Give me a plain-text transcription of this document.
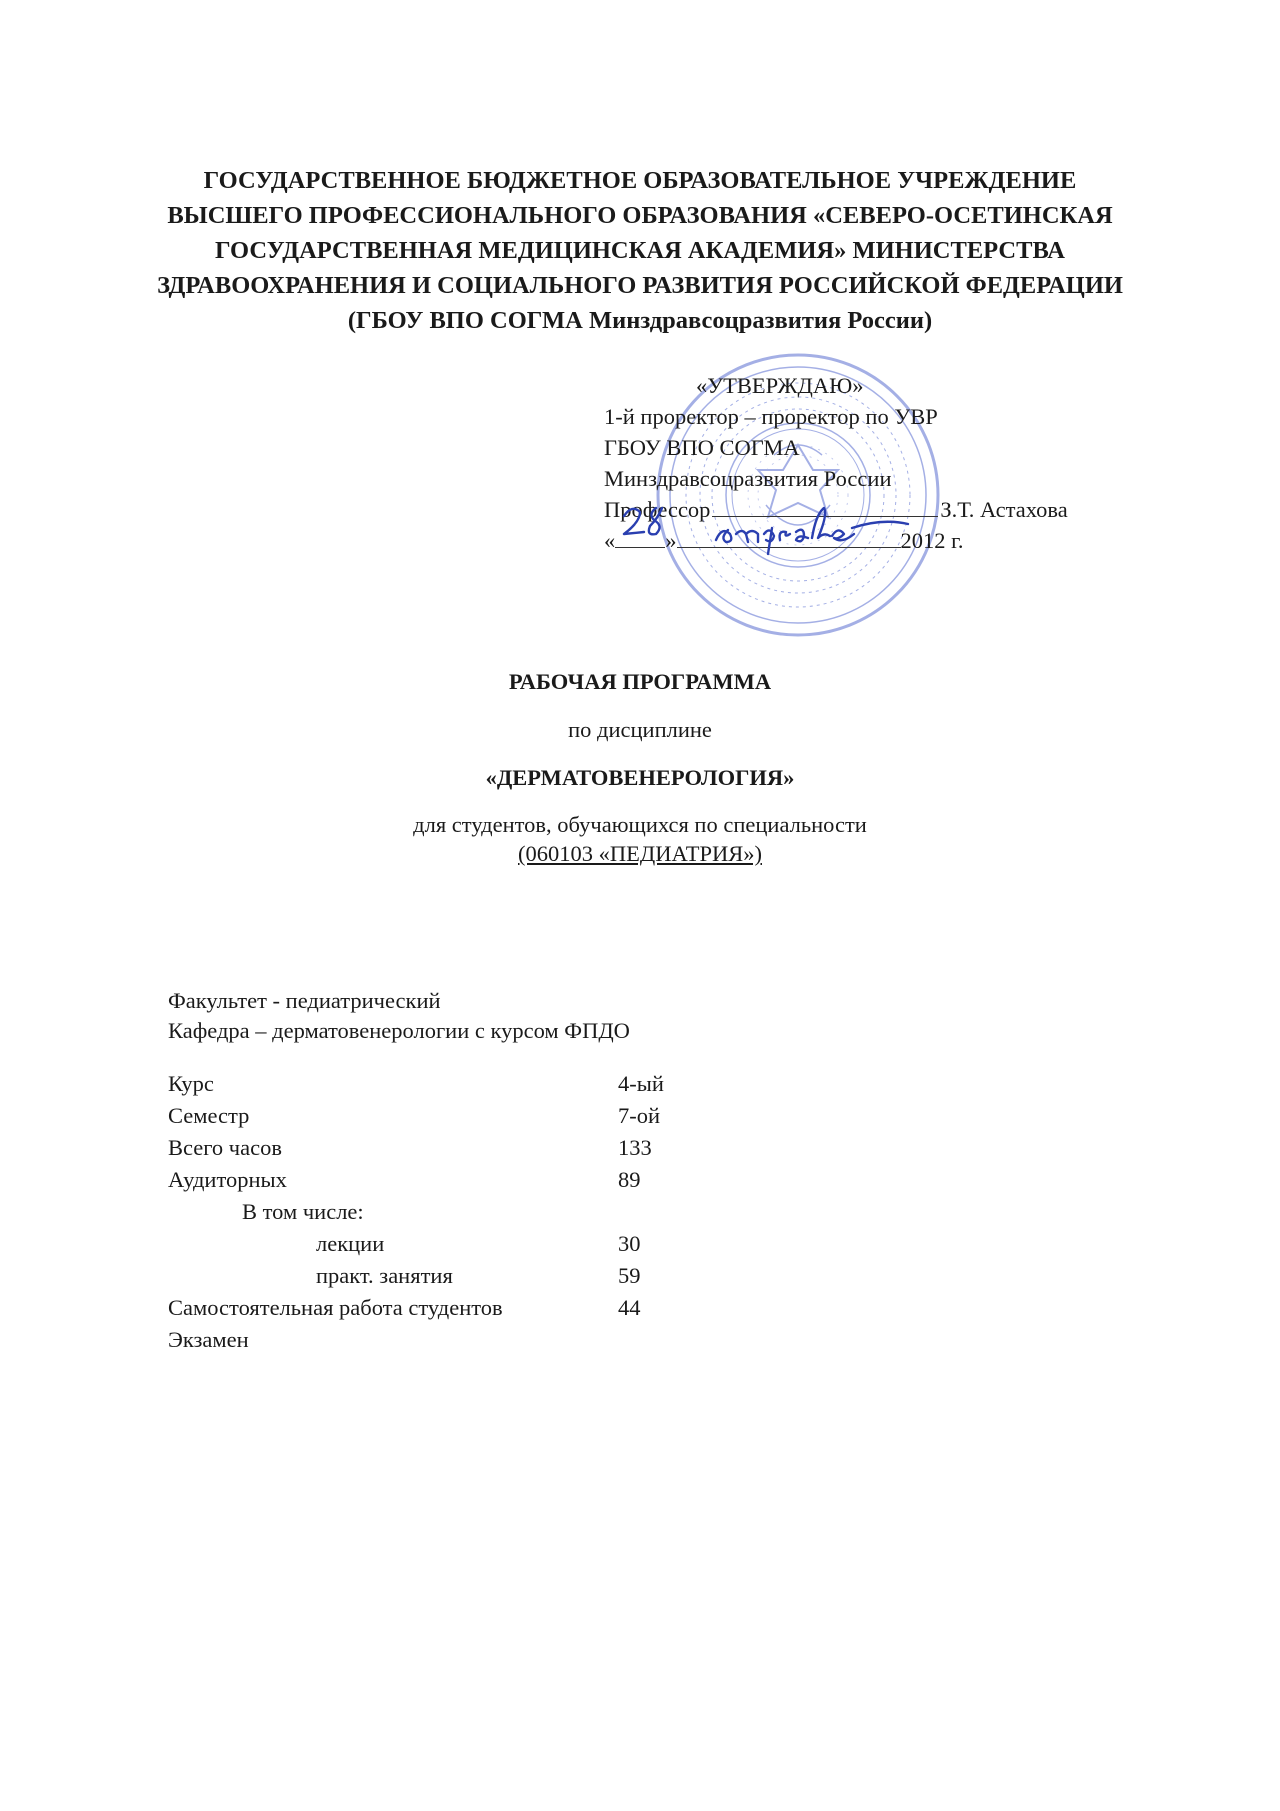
ГОСУДАРСТВЕННОЕ БЮДЖЕТНОЕ ОБРАЗОВАТЕЛЬНОЕ УЧРЕЖДЕНИЕ
ВЫСШЕГО ПРОФЕССИОНАЛЬНОГО ОБРАЗОВАНИЯ «СЕВЕРО-ОСЕТИНСКАЯ
ГОСУДАРСТВЕННАЯ МЕДИЦИНСКАЯ АКАДЕМИЯ» МИНИСТЕРСТВА
ЗДРАВООХРАНЕНИЯ И СОЦИАЛЬНОГО РАЗВИТИЯ РОССИЙСКОЙ ФЕДЕРАЦИИ
(ГБОУ ВПО СОГМА Минздравсоцразвития России)
«УТВЕРЖДАЮ»
1-й проректор – проректор по УВР
ГБОУ ВПО СОГМА
Минздравсоцразвития России
Профессор	З.Т. Астахова
« »	2012 г.
РАБОЧАЯ ПРОГРАММА
по дисциплине
«ДЕРМАТОВЕНЕРОЛОГИЯ»
для студентов, обучающихся по специальности
(060103 «ПЕДИАТРИЯ»)
Факультет - педиатрический
Кафедра – дерматовенерологии с курсом ФПДО
Курс	4-ый
Семестр	7-ой
Всего часов	133
Аудиторных	89
В том числе:
лекции	30
практ. занятия	59
Самостоятельная работа студентов	44
Экзамен
